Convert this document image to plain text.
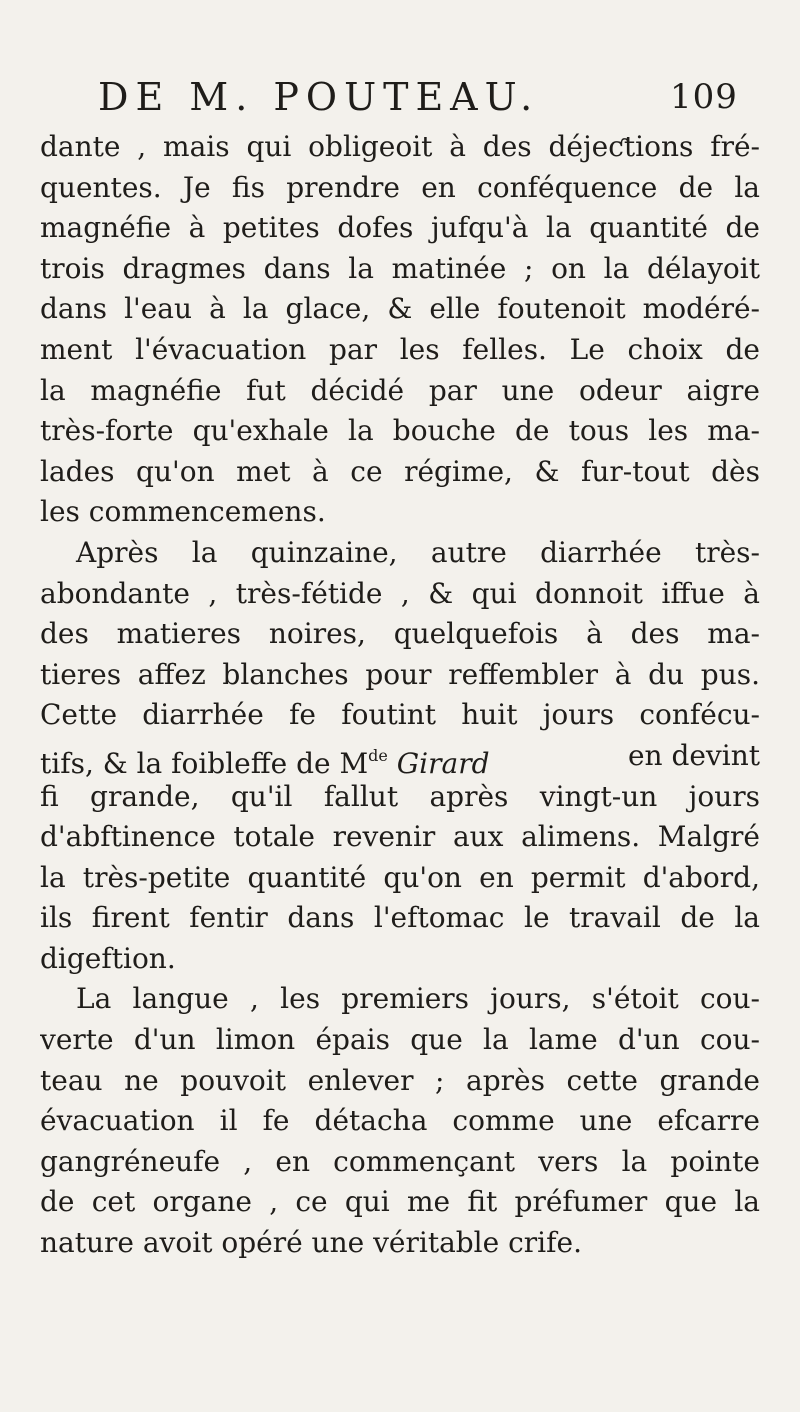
DE M. POUTEAU.	109
dante , mais qui obligeoit à des déjeƈtions fré-
quentes. Je fis prendre en conféquence de la
magnéfie à petites dofes jufqu'à la quantité de
trois dragmes dans la matinée ; on la délayoit
dans l'eau à la glace, & elle foutenoit modéré-
ment l'évacuation par les felles. Le choix de
la magnéfie fut décidé par une odeur aigre
très-forte qu'exhale la bouche de tous les ma-
lades qu'on met à ce régime, & fur-tout dès
les commencemens.
Après la quinzaine, autre diarrhée très-
abondante , très-fétide , & qui donnoit iffue à
des matieres noires, quelquefois à des ma-
tieres affez blanches pour reffembler à du pus.
Cette diarrhée fe foutint huit jours confécu-
tifs, & la foibleffe de Mde Girard	en devint
fi grande, qu'il fallut après vingt-un jours
d'abftinence totale revenir aux alimens. Malgré
la très-petite quantité qu'on en permit d'abord,
ils firent fentir dans l'eftomac le travail de la
digeftion.
La langue , les premiers jours, s'étoit cou-
verte d'un limon épais que la lame d'un cou-
teau ne pouvoit enlever ; après cette grande
évacuation il fe détacha comme une efcarre
gangréneufe , en commençant vers la pointe
de cet organe , ce qui me fit préfumer que la
nature avoit opéré une véritable crife.
